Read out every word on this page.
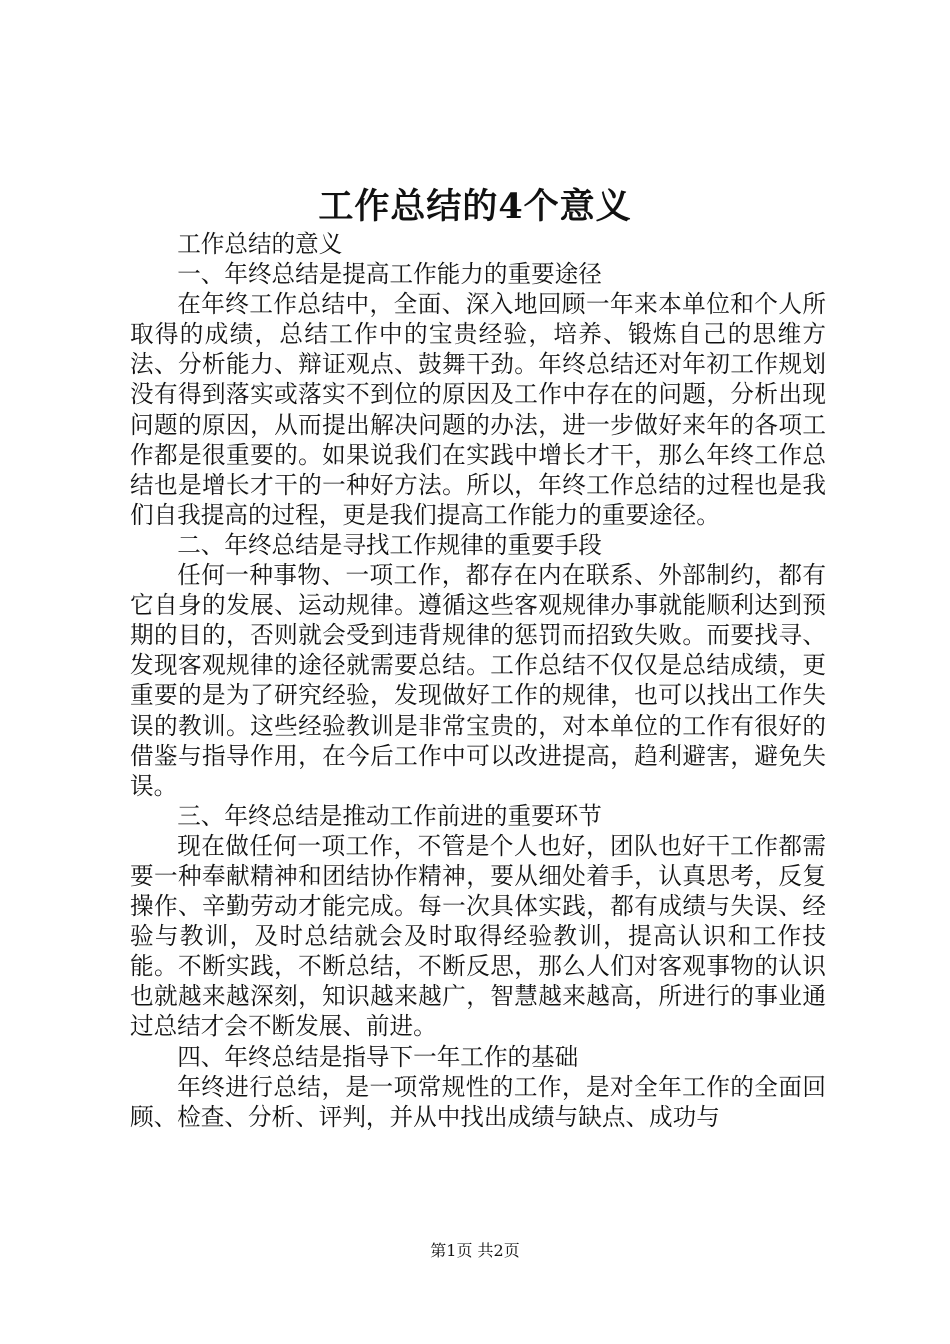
工作总结的4个意义

工作总结的意义

一、年终总结是提高工作能力的重要途径

在年终工作总结中，全面、深入地回顾一年来本单位和个人所取得的成绩，总结工作中的宝贵经验，培养、锻炼自己的思维方法、分析能力、辩证观点、鼓舞干劲。年终总结还对年初工作规划没有得到落实或落实不到位的原因及工作中存在的问题，分析出现问题的原因，从而提出解决问题的办法，进一步做好来年的各项工作都是很重要的。如果说我们在实践中增长才干，那么年终工作总结也是增长才干的一种好方法。所以，年终工作总结的过程也是我们自我提高的过程，更是我们提高工作能力的重要途径。

二、年终总结是寻找工作规律的重要手段

任何一种事物、一项工作，都存在内在联系、外部制约，都有它自身的发展、运动规律。遵循这些客观规律办事就能顺利达到预期的目的，否则就会受到违背规律的惩罚而招致失败。而要找寻、发现客观规律的途径就需要总结。工作总结不仅仅是总结成绩，更重要的是为了研究经验，发现做好工作的规律，也可以找出工作失误的教训。这些经验教训是非常宝贵的，对本单位的工作有很好的借鉴与指导作用，在今后工作中可以改进提高，趋利避害，避免失误。

三、年终总结是推动工作前进的重要环节

现在做任何一项工作，不管是个人也好，团队也好干工作都需要一种奉献精神和团结协作精神，要从细处着手，认真思考，反复操作、辛勤劳动才能完成。每一次具体实践，都有成绩与失误、经验与教训，及时总结就会及时取得经验教训，提高认识和工作技能。不断实践，不断总结，不断反思，那么人们对客观事物的认识也就越来越深刻，知识越来越广，智慧越来越高，所进行的事业通过总结才会不断发展、前进。

四、年终总结是指导下一年工作的基础

年终进行总结，是一项常规性的工作，是对全年工作的全面回顾、检查、分析、评判，并从中找出成绩与缺点、成功与

第1页 共2页
